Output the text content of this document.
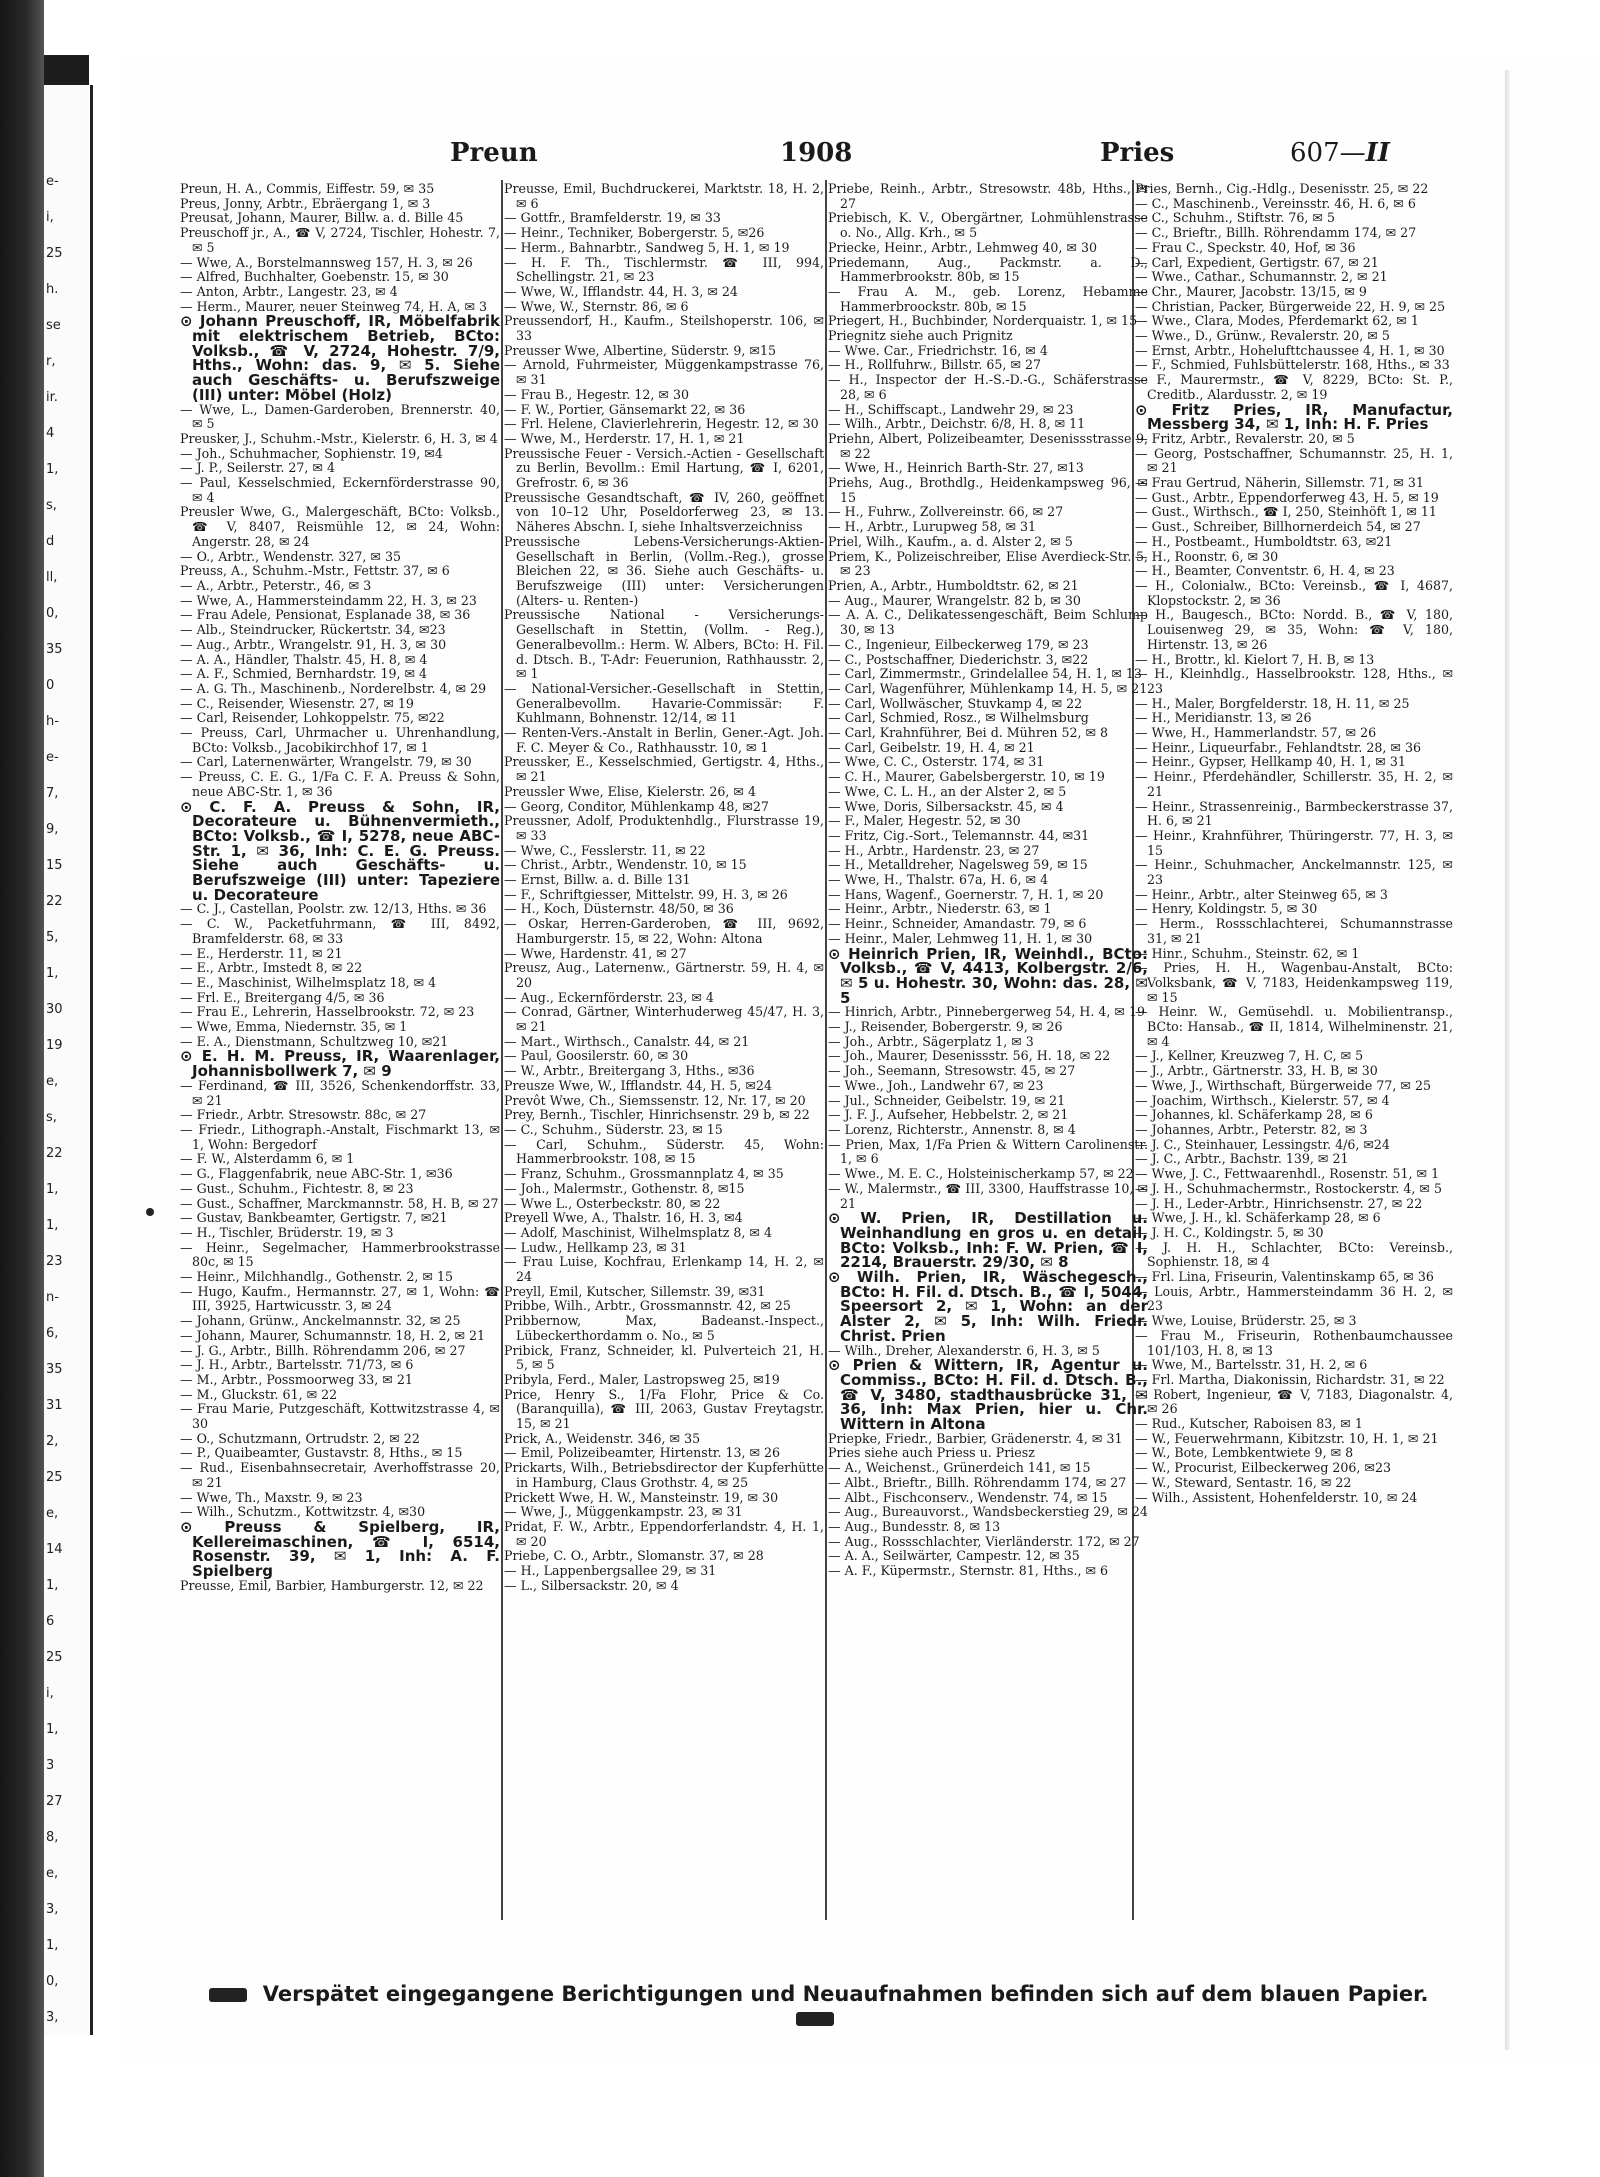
e-
i,
25
h.
se
r,
ir.
4
1,
s,
d
ll,
0,
35
0
h-
e-
7,
9,
15
22
5,
1,
30
19
e,
s,
22
1,
1,
23
n-
6,
35
31
2,
25
e,
14
1,
6
25
i,
1,
3
27
8,
e,
3,
1,
0,
3,
Preun	1908	Pries	607—II

Preun, H. A., Commis, Eiffestr. 59, ✉ 35

Preus, Jonny, Arbtr., Ebräergang 1, ✉ 3

Preusat, Johann, Maurer, Billw. a. d. Bille 45

Preuschoff jr., A., ☎ V, 2724, Tischler, Hohestr. 7, ✉ 5

— Wwe, A., Borstelmannsweg 157, H. 3, ✉ 26

— Alfred, Buchhalter, Goebenstr. 15, ✉ 30

— Anton, Arbtr., Langestr. 23, ✉ 4

— Herm., Maurer, neuer Steinweg 74, H. A, ✉ 3

⊙ Johann Preuschoff, IR, Möbelfabrik mit elektrischem Betrieb, BCto: Volksb., ☎ V, 2724, Hohestr. 7/9, Hths., Wohn: das. 9, ✉ 5. Siehe auch Geschäfts- u. Berufszweige (III) unter: Möbel (Holz)

— Wwe, L., Damen-Garderoben, Brennerstr. 40, ✉ 5

Preusker, J., Schuhm.-Mstr., Kielerstr. 6, H. 3, ✉ 4

— Joh., Schuhmacher, Sophienstr. 19, ✉4

— J. P., Seilerstr. 27, ✉ 4

— Paul, Kesselschmied, Eckernförderstrasse 90, ✉ 4

Preusler Wwe, G., Malergeschäft, BCto: Volksb., ☎ V, 8407, Reismühle 12, ✉ 24, Wohn: Angerstr. 28, ✉ 24

— O., Arbtr., Wendenstr. 327, ✉ 35

Preuss, A., Schuhm.-Mstr., Fettstr. 37, ✉ 6

— A., Arbtr., Peterstr., 46, ✉ 3

— Wwe, A., Hammersteindamm 22, H. 3, ✉ 23

— Frau Adele, Pensionat, Esplanade 38, ✉ 36

— Alb., Steindrucker, Rückertstr. 34, ✉23

— Aug., Arbtr., Wrangelstr. 91, H. 3, ✉ 30

— A. A., Händler, Thalstr. 45, H. 8, ✉ 4

— A. F., Schmied, Bernhardstr. 19, ✉ 4

— A. G. Th., Maschinenb., Norderelbstr. 4, ✉ 29

— C., Reisender, Wiesenstr. 27, ✉ 19

— Carl, Reisender, Lohkoppelstr. 75, ✉22

— Preuss, Carl, Uhrmacher u. Uhrenhandlung, BCto: Volksb., Jacobikirchhof 17, ✉ 1

— Carl, Laternenwärter, Wrangelstr. 79, ✉ 30

— Preuss, C. E. G., 1/Fa C. F. A. Preuss & Sohn, neue ABC-Str. 1, ✉ 36

⊙ C. F. A. Preuss & Sohn, IR, Decorateure u. Bühnenvermieth., BCto: Volksb., ☎ I, 5278, neue ABC-Str. 1, ✉ 36, Inh: C. E. G. Preuss. Siehe auch Geschäfts- u. Berufszweige (III) unter: Tapeziere u. Decorateure

— C. J., Castellan, Poolstr. zw. 12/13, Hths. ✉ 36

— C. W., Packetfuhrmann, ☎ III, 8492, Bramfelderstr. 68, ✉ 33

— E., Herderstr. 11, ✉ 21

— E., Arbtr., Imstedt 8, ✉ 22

— E., Maschinist, Wilhelmsplatz 18, ✉ 4

— Frl. E., Breitergang 4/5, ✉ 36

— Frau E., Lehrerin, Hasselbrookstr. 72, ✉ 23

— Wwe, Emma, Niedernstr. 35, ✉ 1

— E. A., Dienstmann, Schultzweg 10, ✉21

⊙ E. H. M. Preuss, IR, Waarenlager, Johannisbollwerk 7, ✉ 9

— Ferdinand, ☎ III, 3526, Schenkendorffstr. 33, ✉ 21

— Friedr., Arbtr. Stresowstr. 88c, ✉ 27

— Friedr., Lithograph.-Anstalt, Fischmarkt 13, ✉ 1, Wohn: Bergedorf

— F. W., Alsterdamm 6, ✉ 1

— G., Flaggenfabrik, neue ABC-Str. 1, ✉36

— Gust., Schuhm., Fichtestr. 8, ✉ 23

— Gust., Schaffner, Marckmannstr. 58, H. B, ✉ 27

— Gustav, Bankbeamter, Gertigstr. 7, ✉21

— H., Tischler, Brüderstr. 19, ✉ 3

— Heinr., Segelmacher, Hammerbrookstrasse 80c, ✉ 15

— Heinr., Milchhandlg., Gothenstr. 2, ✉ 15

— Hugo, Kaufm., Hermannstr. 27, ✉ 1, Wohn: ☎ III, 3925, Hartwicusstr. 3, ✉ 24

— Johann, Grünw., Anckelmannstr. 32, ✉ 25

— Johann, Maurer, Schumannstr. 18, H. 2, ✉ 21

— J. G., Arbtr., Billh. Röhrendamm 206, ✉ 27

— J. H., Arbtr., Bartelsstr. 71/73, ✉ 6

— M., Arbtr., Possmoorweg 33, ✉ 21

— M., Gluckstr. 61, ✉ 22

— Frau Marie, Putzgeschäft, Kottwitzstrasse 4, ✉ 30

— O., Schutzmann, Ortrudstr. 2, ✉ 22

— P., Quaibeamter, Gustavstr. 8, Hths., ✉ 15

— Rud., Eisenbahnsecretair, Averhoffstrasse 20, ✉ 21

— Wwe, Th., Maxstr. 9, ✉ 23

— Wilh., Schutzm., Kottwitzstr. 4, ✉30

⊙ Preuss & Spielberg, IR, Kellereimaschinen, ☎ I, 6514, Rosenstr. 39, ✉ 1, Inh: A. F. Spielberg

Preusse, Emil, Barbier, Hamburgerstr. 12, ✉ 22

Preusse, Emil, Buchdruckerei, Marktstr. 18, H. 2, ✉ 6

— Gottfr., Bramfelderstr. 19, ✉ 33

— Heinr., Techniker, Bobergerstr. 5, ✉26

— Herm., Bahnarbtr., Sandweg 5, H. 1, ✉ 19

— H. F. Th., Tischlermstr. ☎ III, 994, Schellingstr. 21, ✉ 23

— Wwe, W., Ifflandstr. 44, H. 3, ✉ 24

— Wwe, W., Sternstr. 86, ✉ 6

Preussendorf, H., Kaufm., Steilshoperstr. 106, ✉ 33

Preusser Wwe, Albertine, Süderstr. 9, ✉15

— Arnold, Fuhrmeister, Müggenkampstrasse 76, ✉ 31

— Frau B., Hegestr. 12, ✉ 30

— F. W., Portier, Gänsemarkt 22, ✉ 36

— Frl. Helene, Clavierlehrerin, Hegestr. 12, ✉ 30

— Wwe, M., Herderstr. 17, H. 1, ✉ 21

Preussische Feuer - Versich.-Actien - Gesellschaft zu Berlin, Bevollm.: Emil Hartung, ☎ I, 6201, Grefrostr. 6, ✉ 36

Preussische Gesandtschaft, ☎ IV, 260, geöffnet von 10–12 Uhr, Poseldorferweg 23, ✉ 13. Näheres Abschn. I, siehe Inhaltsverzeichniss

Preussische Lebens-Versicherungs-Aktien-Gesellschaft in Berlin, (Vollm.-Reg.), grosse Bleichen 22, ✉ 36. Siehe auch Geschäfts- u. Berufszweige (III) unter: Versicherungen (Alters- u. Renten-)

Preussische National - Versicherungs-Gesellschaft in Stettin, (Vollm. - Reg.), Generalbevollm.: Herm. W. Albers, BCto: H. Fil. d. Dtsch. B., T-Adr: Feuerunion, Rathhausstr. 2, ✉ 1

— National-Versicher.-Gesellschaft in Stettin, Generalbevollm. Havarie-Commissär: F. Kuhlmann, Bohnenstr. 12/14, ✉ 11

— Renten-Vers.-Anstalt in Berlin, Gener.-Agt. Joh. F. C. Meyer & Co., Rathhausstr. 10, ✉ 1

Preussker, E., Kesselschmied, Gertigstr. 4, Hths., ✉ 21

Preussler Wwe, Elise, Kielerstr. 26, ✉ 4

— Georg, Conditor, Mühlenkamp 48, ✉27

Preussner, Adolf, Produktenhdlg., Flurstrasse 19, ✉ 33

— Wwe, C., Fesslerstr. 11, ✉ 22

— Christ., Arbtr., Wendenstr. 10, ✉ 15

— Ernst, Billw. a. d. Bille 131

— F., Schriftgiesser, Mittelstr. 99, H. 3, ✉ 26

— H., Koch, Düsternstr. 48/50, ✉ 36

— Oskar, Herren-Garderoben, ☎ III, 9692, Hamburgerstr. 15, ✉ 22, Wohn: Altona

— Wwe, Hardenstr. 41, ✉ 27

Preusz, Aug., Laternenw., Gärtnerstr. 59, H. 4, ✉ 20

— Aug., Eckernförderstr. 23, ✉ 4

— Conrad, Gärtner, Winterhuderweg 45/47, H. 3, ✉ 21

— Mart., Wirthsch., Canalstr. 44, ✉ 21

— Paul, Goosilerstr. 60, ✉ 30

— W., Arbtr., Breitergang 3, Hths., ✉36

Preusze Wwe, W., Ifflandstr. 44, H. 5, ✉24

Prevôt Wwe, Ch., Siemssenstr. 12, Nr. 17, ✉ 20

Prey, Bernh., Tischler, Hinrichsenstr. 29 b, ✉ 22

— C., Schuhm., Süderstr. 23, ✉ 15

— Carl, Schuhm., Süderstr. 45, Wohn: Hammerbrookstr. 108, ✉ 15

— Franz, Schuhm., Grossmannplatz 4, ✉ 35

— Joh., Malermstr., Gothenstr. 8, ✉15

— Wwe L., Osterbeckstr. 80, ✉ 22

Preyell Wwe, A., Thalstr. 16, H. 3, ✉4

— Adolf, Maschinist, Wilhelmsplatz 8, ✉ 4

— Ludw., Hellkamp 23, ✉ 31

— Frau Luise, Kochfrau, Erlenkamp 14, H. 2, ✉ 24

Preyll, Emil, Kutscher, Sillemstr. 39, ✉31

Pribbe, Wilh., Arbtr., Grossmannstr. 42, ✉ 25

Pribbernow, Max, Badeanst.-Inspect., Lübeckerthordamm o. No., ✉ 5

Pribick, Franz, Schneider, kl. Pulverteich 21, H. 5, ✉ 5

Pribyla, Ferd., Maler, Lastropsweg 25, ✉19

Price, Henry S., 1/Fa Flohr, Price & Co. (Baranquilla), ☎ III, 2063, Gustav Freytagstr. 15, ✉ 21

Prick, A., Weidenstr. 346, ✉ 35

— Emil, Polizeibeamter, Hirtenstr. 13, ✉ 26

Prickarts, Wilh., Betriebsdirector der Kupferhütte in Hamburg, Claus Grothstr. 4, ✉ 25

Prickett Wwe, H. W., Mansteinstr. 19, ✉ 30

— Wwe, J., Müggenkampstr. 23, ✉ 31

Pridat, F. W., Arbtr., Eppendorferlandstr. 4, H. 1, ✉ 20

Priebe, C. O., Arbtr., Slomanstr. 37, ✉ 28

— H., Lappenbergsallee 29, ✉ 31

— L., Silbersackstr. 20, ✉ 4

Priebe, Reinh., Arbtr., Stresowstr. 48b, Hths., ✉ 27

Priebisch, K. V., Obergärtner, Lohmühlenstrasse o. No., Allg. Krh., ✉ 5

Priecke, Heinr., Arbtr., Lehmweg 40, ✉ 30

Priedemann, Aug., Packmstr. a. D., Hammerbrookstr. 80b, ✉ 15

— Frau A. M., geb. Lorenz, Hebamme Hammerbroockstr. 80b, ✉ 15

Priegert, H., Buchbinder, Norderquaistr. 1, ✉ 15

Priegnitz siehe auch Prignitz

— Wwe. Car., Friedrichstr. 16, ✉ 4

— H., Rollfuhrw., Billstr. 65, ✉ 27

— H., Inspector der H.-S.-D.-G., Schäferstrasse 28, ✉ 6

— H., Schiffscapt., Landwehr 29, ✉ 23

— Wilh., Arbtr., Deichstr. 6/8, H. 8, ✉ 11

Priehn, Albert, Polizeibeamter, Desenissstrasse 9, ✉ 22

— Wwe, H., Heinrich Barth-Str. 27, ✉13

Priehs, Aug., Brothdlg., Heidenkampsweg 96, ✉ 15

— H., Fuhrw., Zollvereinstr. 66, ✉ 27

— H., Arbtr., Lurupweg 58, ✉ 31

Priel, Wilh., Kaufm., a. d. Alster 2, ✉ 5

Priem, K., Polizeischreiber, Elise Averdieck-Str. 5, ✉ 23

Prien, A., Arbtr., Humboldtstr. 62, ✉ 21

— Aug., Maurer, Wrangelstr. 82 b, ✉ 30

— A. A. C., Delikatessengeschäft, Beim Schlump 30, ✉ 13

— C., Ingenieur, Eilbeckerweg 179, ✉ 23

— C., Postschaffner, Diederichstr. 3, ✉22

— Carl, Zimmermstr., Grindelallee 54, H. 1, ✉ 13

— Carl, Wagenführer, Mühlenkamp 14, H. 5, ✉ 21

— Carl, Wollwäscher, Stuvkamp 4, ✉ 22

— Carl, Schmied, Rosz., ✉ Wilhelmsburg

— Carl, Krahnführer, Bei d. Mühren 52, ✉ 8

— Carl, Geibelstr. 19, H. 4, ✉ 21

— Wwe, C. C., Osterstr. 174, ✉ 31

— C. H., Maurer, Gabelsbergerstr. 10, ✉ 19

— Wwe, C. L. H., an der Alster 2, ✉ 5

— Wwe, Doris, Silbersackstr. 45, ✉ 4

— F., Maler, Hegestr. 52, ✉ 30

— Fritz, Cig.-Sort., Telemannstr. 44, ✉31

— H., Arbtr., Hardenstr. 23, ✉ 27

— H., Metalldreher, Nagelsweg 59, ✉ 15

— Wwe, H., Thalstr. 67a, H. 6, ✉ 4

— Hans, Wagenf., Goernerstr. 7, H. 1, ✉ 20

— Heinr., Arbtr., Niederstr. 63, ✉ 1

— Heinr., Schneider, Amandastr. 79, ✉ 6

— Heinr., Maler, Lehmweg 11, H. 1, ✉ 30

⊙ Heinrich Prien, IR, Weinhdl., BCto: Volksb., ☎ V, 4413, Kolbergstr. 2/6, ✉ 5 u. Hohestr. 30, Wohn: das. 28, ✉ 5

— Hinrich, Arbtr., Pinnebergerweg 54, H. 4, ✉ 19

— J., Reisender, Bobergerstr. 9, ✉ 26

— Joh., Arbtr., Sägerplatz 1, ✉ 3

— Joh., Maurer, Desenissstr. 56, H. 18, ✉ 22

— Joh., Seemann, Stresowstr. 45, ✉ 27

— Wwe., Joh., Landwehr 67, ✉ 23

— Jul., Schneider, Geibelstr. 19, ✉ 21

— J. F. J., Aufseher, Hebbelstr. 2, ✉ 21

— Lorenz, Richterstr., Annenstr. 8, ✉ 4

— Prien, Max, 1/Fa Prien & Wittern Carolinenstr. 1, ✉ 6

— Wwe., M. E. C., Holsteinischerkamp 57, ✉ 22

— W., Malermstr., ☎ III, 3300, Hauffstrasse 10, ✉ 21

⊙ W. Prien, IR, Destillation u. Weinhandlung en gros u. en detail, BCto: Volksb., Inh: F. W. Prien, ☎ I, 2214, Brauerstr. 29/30, ✉ 8

⊙ Wilh. Prien, IR, Wäschegesch., BCto: H. Fil. d. Dtsch. B., ☎ I, 5044, Speersort 2, ✉ 1, Wohn: an der Alster 2, ✉ 5, Inh: Wilh. Friedr. Christ. Prien

— Wilh., Dreher, Alexanderstr. 6, H. 3, ✉ 5

⊙ Prien & Wittern, IR, Agentur u. Commiss., BCto: H. Fil. d. Dtsch. B., ☎ V, 3480, stadthausbrücke 31, ✉ 36, Inh: Max Prien, hier u. Chr. Wittern in Altona

Priepke, Friedr., Barbier, Grädenerstr. 4, ✉ 31

Pries siehe auch Priess u. Priesz

— A., Weichenst., Grünerdeich 141, ✉ 15

— Albt., Brieftr., Billh. Röhrendamm 174, ✉ 27

— Albt., Fischconserv., Wendenstr. 74, ✉ 15

— Aug., Bureauvorst., Wandsbeckerstieg 29, ✉ 24

— Aug., Bundesstr. 8, ✉ 13

— Aug., Rossschlachter, Vierländerstr. 172, ✉ 27

— A. A., Seilwärter, Campestr. 12, ✉ 35

— A. F., Küpermstr., Sternstr. 81, Hths., ✉ 6

Pries, Bernh., Cig.-Hdlg., Desenisstr. 25, ✉ 22

— C., Maschinenb., Vereinsstr. 46, H. 6, ✉ 6

— C., Schuhm., Stiftstr. 76, ✉ 5

— C., Brieftr., Billh. Röhrendamm 174, ✉ 27

— Frau C., Speckstr. 40, Hof, ✉ 36

— Carl, Expedient, Gertigstr. 67, ✉ 21

— Wwe., Cathar., Schumannstr. 2, ✉ 21

— Chr., Maurer, Jacobstr. 13/15, ✉ 9

— Christian, Packer, Bürgerweide 22, H. 9, ✉ 25

— Wwe., Clara, Modes, Pferdemarkt 62, ✉ 1

— Wwe., D., Grünw., Revalerstr. 20, ✉ 5

— Ernst, Arbtr., Hohelufttchaussee 4, H. 1, ✉ 30

— F., Schmied, Fuhlsbüttelerstr. 168, Hths., ✉ 33

— F., Maurermstr., ☎ V, 8229, BCto: St. P., Creditb., Alardusstr. 2, ✉ 19

⊙ Fritz Pries, IR, Manufactur, Messberg 34, ✉ 1, Inh: H. F. Pries

— Fritz, Arbtr., Revalerstr. 20, ✉ 5

— Georg, Postschaffner, Schumannstr. 25, H. 1, ✉ 21

— Frau Gertrud, Näherin, Sillemstr. 71, ✉ 31

— Gust., Arbtr., Eppendorferweg 43, H. 5, ✉ 19

— Gust., Wirthsch., ☎ I, 250, Steinhöft 1, ✉ 11

— Gust., Schreiber, Billhornerdeich 54, ✉ 27

— H., Postbeamt., Humboldtstr. 63, ✉21

— H., Roonstr. 6, ✉ 30

— H., Beamter, Conventstr. 6, H. 4, ✉ 23

— H., Colonialw., BCto: Vereinsb., ☎ I, 4687, Klopstockstr. 2, ✉ 36

— H., Baugesch., BCto: Nordd. B., ☎ V, 180, Louisenweg 29, ✉ 35, Wohn: ☎ V, 180, Hirtenstr. 13, ✉ 26

— H., Brottr., kl. Kielort 7, H. B, ✉ 13

— H., Kleinhdlg., Hasselbrookstr. 128, Hths., ✉ 23

— H., Maler, Borgfelderstr. 18, H. 11, ✉ 25

— H., Meridianstr. 13, ✉ 26

— Wwe, H., Hammerlandstr. 57, ✉ 26

— Heinr., Liqueurfabr., Fehlandtstr. 28, ✉ 36

— Heinr., Gypser, Hellkamp 40, H. 1, ✉ 31

— Heinr., Pferdehändler, Schillerstr. 35, H. 2, ✉ 21

— Heinr., Strassenreinig., Barmbeckerstrasse 37, H. 6, ✉ 21

— Heinr., Krahnführer, Thüringerstr. 77, H. 3, ✉ 15

— Heinr., Schuhmacher, Anckelmannstr. 125, ✉ 23

— Heinr., Arbtr., alter Steinweg 65, ✉ 3

— Henry, Koldingstr. 5, ✉ 30

— Herm., Rossschlachterei, Schumannstrasse 31, ✉ 21

— Hinr., Schuhm., Steinstr. 62, ✉ 1

— Pries, H. H., Wagenbau-Anstalt, BCto: Volksbank, ☎ V, 7183, Heidenkampsweg 119, ✉ 15

— Heinr. W., Gemüsehdl. u. Mobilientransp., BCto: Hansab., ☎ II, 1814, Wilhelminenstr. 21, ✉ 4

— J., Kellner, Kreuzweg 7, H. C, ✉ 5

— J., Arbtr., Gärtnerstr. 33, H. B, ✉ 30

— Wwe, J., Wirthschaft, Bürgerweide 77, ✉ 25

— Joachim, Wirthsch., Kielerstr. 57, ✉ 4

— Johannes, kl. Schäferkamp 28, ✉ 6

— Johannes, Arbtr., Peterstr. 82, ✉ 3

— J. C., Steinhauer, Lessingstr. 4/6, ✉24

— J. C., Arbtr., Bachstr. 139, ✉ 21

— Wwe, J. C., Fettwaarenhdl., Rosenstr. 51, ✉ 1

— J. H., Schuhmachermstr., Rostockerstr. 4, ✉ 5

— J. H., Leder-Arbtr., Hinrichsenstr. 27, ✉ 22

— Wwe, J. H., kl. Schäferkamp 28, ✉ 6

— J. H. C., Koldingstr. 5, ✉ 30

— J. H. H., Schlachter, BCto: Vereinsb., Sophienstr. 18, ✉ 4

— Frl. Lina, Friseurin, Valentinskamp 65, ✉ 36

— Louis, Arbtr., Hammersteindamm 36 H. 2, ✉ 23

— Wwe, Louise, Brüderstr. 25, ✉ 3

— Frau M., Friseurin, Rothenbaumchaussee 101/103, H. 8, ✉ 13

— Wwe, M., Bartelsstr. 31, H. 2, ✉ 6

— Frl. Martha, Diakonissin, Richardstr. 31, ✉ 22

— Robert, Ingenieur, ☎ V, 7183, Diagonalstr. 4, ✉ 26

— Rud., Kutscher, Raboisen 83, ✉ 1

— W., Feuerwehrmann, Kibitzstr. 10, H. 1, ✉ 21

— W., Bote, Lembkentwiete 9, ✉ 8

— W., Procurist, Eilbeckerweg 206, ✉23

— W., Steward, Sentastr. 16, ✉ 22

— Wilh., Assistent, Hohenfelderstr. 10, ✉ 24

Verspätet eingegangene Berichtigungen und Neuaufnahmen befinden sich auf dem blauen Papier.
